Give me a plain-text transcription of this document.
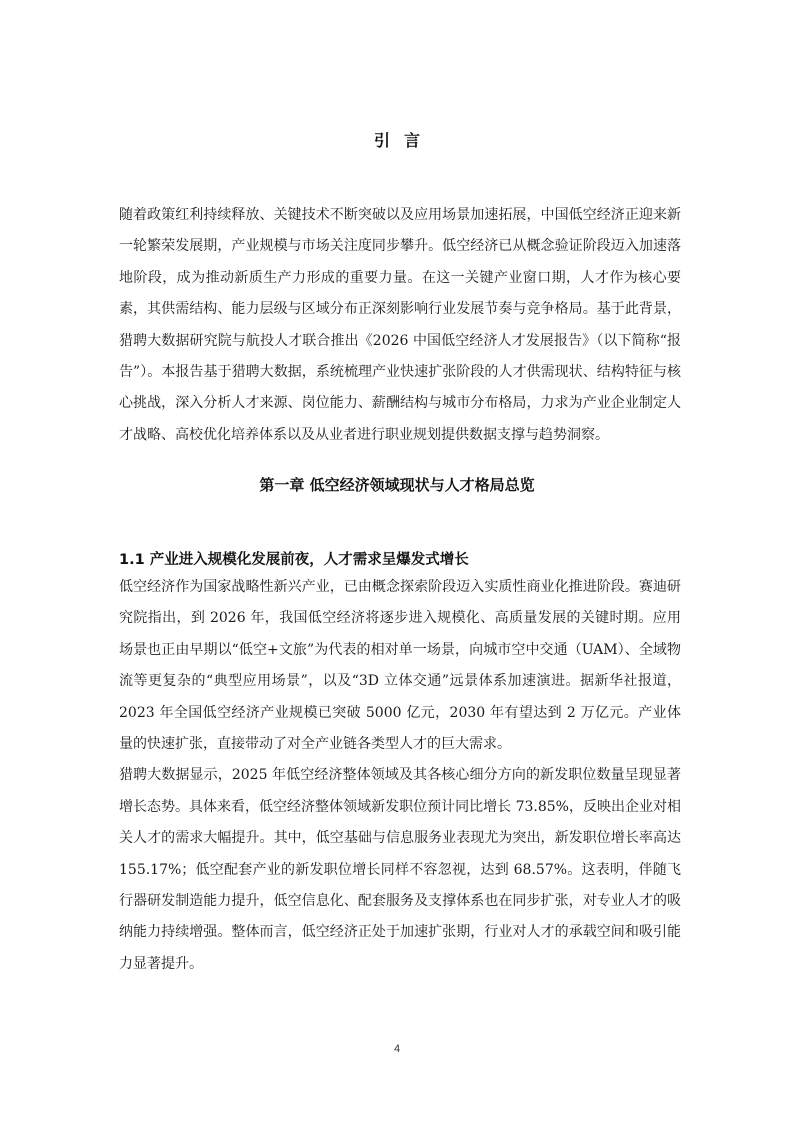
引言

随着政策红利持续释放、关键技术不断突破以及应用场景加速拓展，中国低空经济正迎来新一轮繁荣发展期，产业规模与市场关注度同步攀升。低空经济已从概念验证阶段迈入加速落地阶段，成为推动新质生产力形成的重要力量。在这一关键产业窗口期，人才作为核心要素，其供需结构、能力层级与区域分布正深刻影响行业发展节奏与竞争格局。基于此背景，猎聘大数据研究院与航投人才联合推出《2026 中国低空经济人才发展报告》（以下简称“报告”）。本报告基于猎聘大数据，系统梳理产业快速扩张阶段的人才供需现状、结构特征与核心挑战，深入分析人才来源、岗位能力、薪酬结构与城市分布格局，力求为产业企业制定人才战略、高校优化培养体系以及从业者进行职业规划提供数据支撑与趋势洞察。

第一章 低空经济领域现状与人才格局总览
1.1 产业进入规模化发展前夜，人才需求呈爆发式增长

低空经济作为国家战略性新兴产业，已由概念探索阶段迈入实质性商业化推进阶段。赛迪研究院指出，到 2026 年，我国低空经济将逐步进入规模化、高质量发展的关键时期。应用场景也正由早期以“低空+文旅”为代表的相对单一场景，向城市空中交通（UAM）、全域物流等更复杂的“典型应用场景”，以及“3D 立体交通”远景体系加速演进。据新华社报道，2023 年全国低空经济产业规模已突破 5000 亿元，2030 年有望达到 2 万亿元。产业体量的快速扩张，直接带动了对全产业链各类型人才的巨大需求。

猎聘大数据显示，2025 年低空经济整体领域及其各核心细分方向的新发职位数量呈现显著增长态势。具体来看，低空经济整体领域新发职位预计同比增长 73.85%，反映出企业对相关人才的需求大幅提升。其中，低空基础与信息服务业表现尤为突出，新发职位增长率高达 155.17%；低空配套产业的新发职位增长同样不容忽视，达到 68.57%。这表明，伴随飞行器研发制造能力提升，低空信息化、配套服务及支撑体系也在同步扩张，对专业人才的吸纳能力持续增强。整体而言，低空经济正处于加速扩张期，行业对人才的承载空间和吸引能力显著提升。

4
